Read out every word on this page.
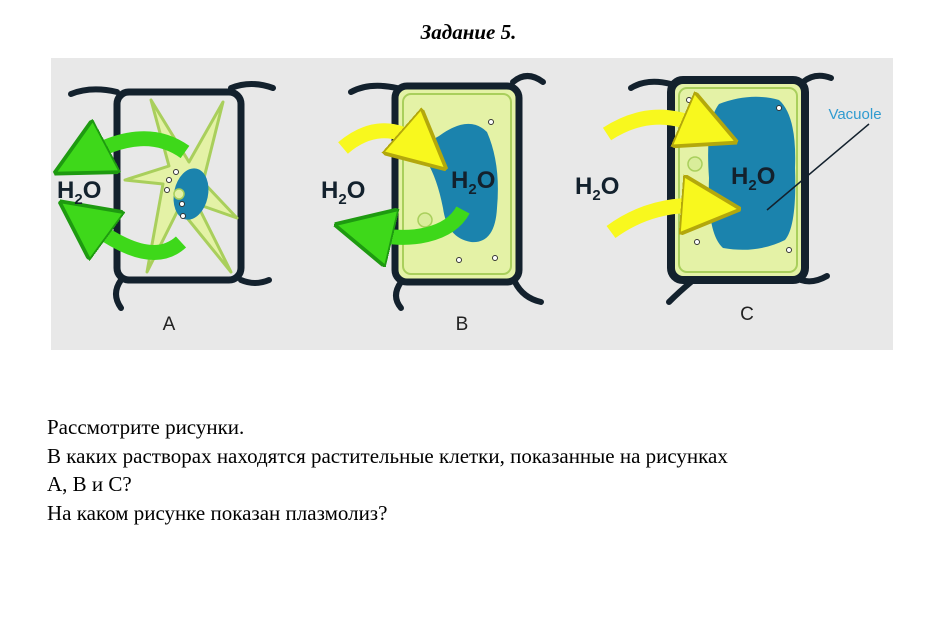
Задание 5.
$H_2O$
A
$H_2O$	$H_2O$
B
$H_2O$	$H_2O$
Vacuole
C

Рассмотрите рисунки.

В каких растворах находятся растительные клетки, показанные на рисунках

А, В и С?

На каком рисунке показан плазмолиз?
